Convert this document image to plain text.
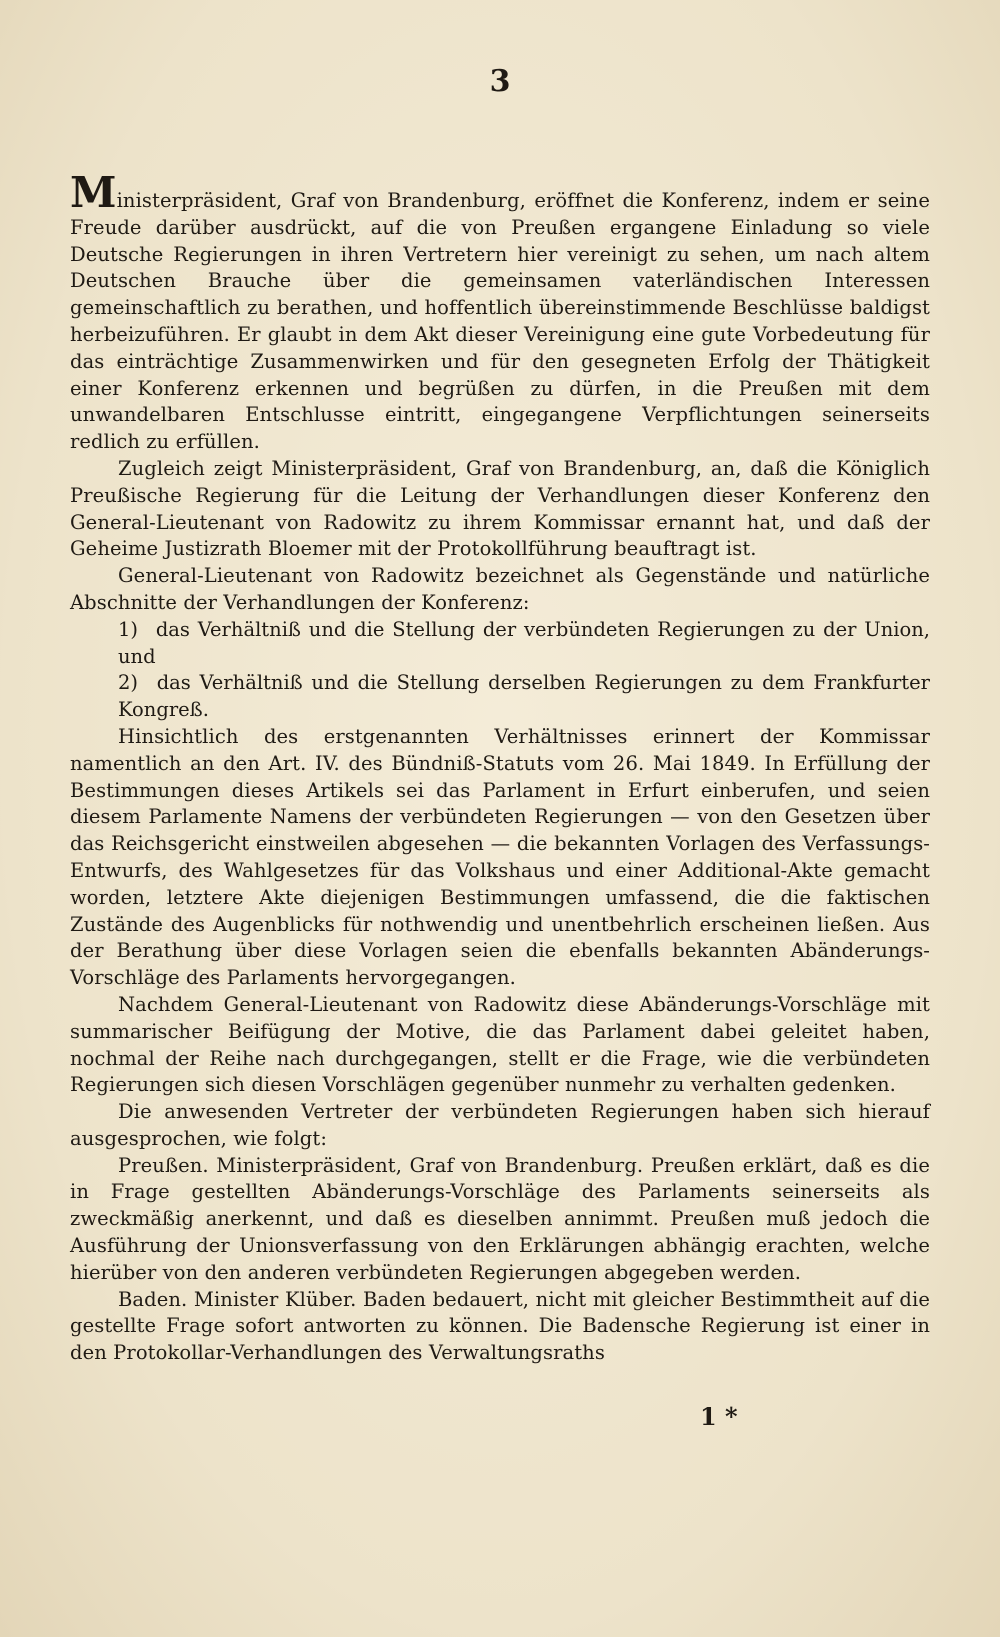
3

Ministerpräsident, Graf von Brandenburg, eröffnet die Konferenz, indem er seine Freude darüber ausdrückt, auf die von Preußen ergangene Einladung so viele Deutsche Regierungen in ihren Vertretern hier vereinigt zu sehen, um nach altem Deutschen Brauche über die gemeinsamen vaterländischen Interessen gemeinschaftlich zu berathen, und hoffentlich übereinstimmende Beschlüsse baldigst herbeizuführen. Er glaubt in dem Akt dieser Vereinigung eine gute Vorbedeutung für das einträchtige Zusammenwirken und für den gesegneten Erfolg der Thätigkeit einer Konferenz erkennen und begrüßen zu dürfen, in die Preußen mit dem unwandelbaren Entschlusse eintritt, eingegangene Verpflichtungen seinerseits redlich zu erfüllen.

Zugleich zeigt Ministerpräsident, Graf von Brandenburg, an, daß die Königlich Preußische Regierung für die Leitung der Verhandlungen dieser Konferenz den General-Lieutenant von Radowitz zu ihrem Kommissar ernannt hat, und daß der Geheime Justizrath Bloemer mit der Protokollführung beauftragt ist.

General-Lieutenant von Radowitz bezeichnet als Gegenstände und natürliche Abschnitte der Verhandlungen der Konferenz:

1) das Verhältniß und die Stellung der verbündeten Regierungen zu der Union, und

2) das Verhältniß und die Stellung derselben Regierungen zu dem Frankfurter Kongreß.

Hinsichtlich des erstgenannten Verhältnisses erinnert der Kommissar namentlich an den Art. IV. des Bündniß-Statuts vom 26. Mai 1849. In Erfüllung der Bestimmungen dieses Artikels sei das Parlament in Erfurt einberufen, und seien diesem Parlamente Namens der verbündeten Regierungen — von den Gesetzen über das Reichsgericht einstweilen abgesehen — die bekannten Vorlagen des Verfassungs-Entwurfs, des Wahlgesetzes für das Volkshaus und einer Additional-Akte gemacht worden, letztere Akte diejenigen Bestimmungen umfassend, die die faktischen Zustände des Augenblicks für nothwendig und unentbehrlich erscheinen ließen. Aus der Berathung über diese Vorlagen seien die ebenfalls bekannten Abänderungs-Vorschläge des Parlaments hervorgegangen.

Nachdem General-Lieutenant von Radowitz diese Abänderungs-Vorschläge mit summarischer Beifügung der Motive, die das Parlament dabei geleitet haben, nochmal der Reihe nach durchgegangen, stellt er die Frage, wie die verbündeten Regierungen sich diesen Vorschlägen gegenüber nunmehr zu verhalten gedenken.

Die anwesenden Vertreter der verbündeten Regierungen haben sich hierauf ausgesprochen, wie folgt:

Preußen. Ministerpräsident, Graf von Brandenburg. Preußen erklärt, daß es die in Frage gestellten Abänderungs-Vorschläge des Parlaments seinerseits als zweckmäßig anerkennt, und daß es dieselben annimmt. Preußen muß jedoch die Ausführung der Unionsverfassung von den Erklärungen abhängig erachten, welche hierüber von den anderen verbündeten Regierungen abgegeben werden.

Baden. Minister Klüber. Baden bedauert, nicht mit gleicher Bestimmtheit auf die gestellte Frage sofort antworten zu können. Die Badensche Regierung ist einer in den Protokollar-Verhandlungen des Verwaltungsraths

1 *
